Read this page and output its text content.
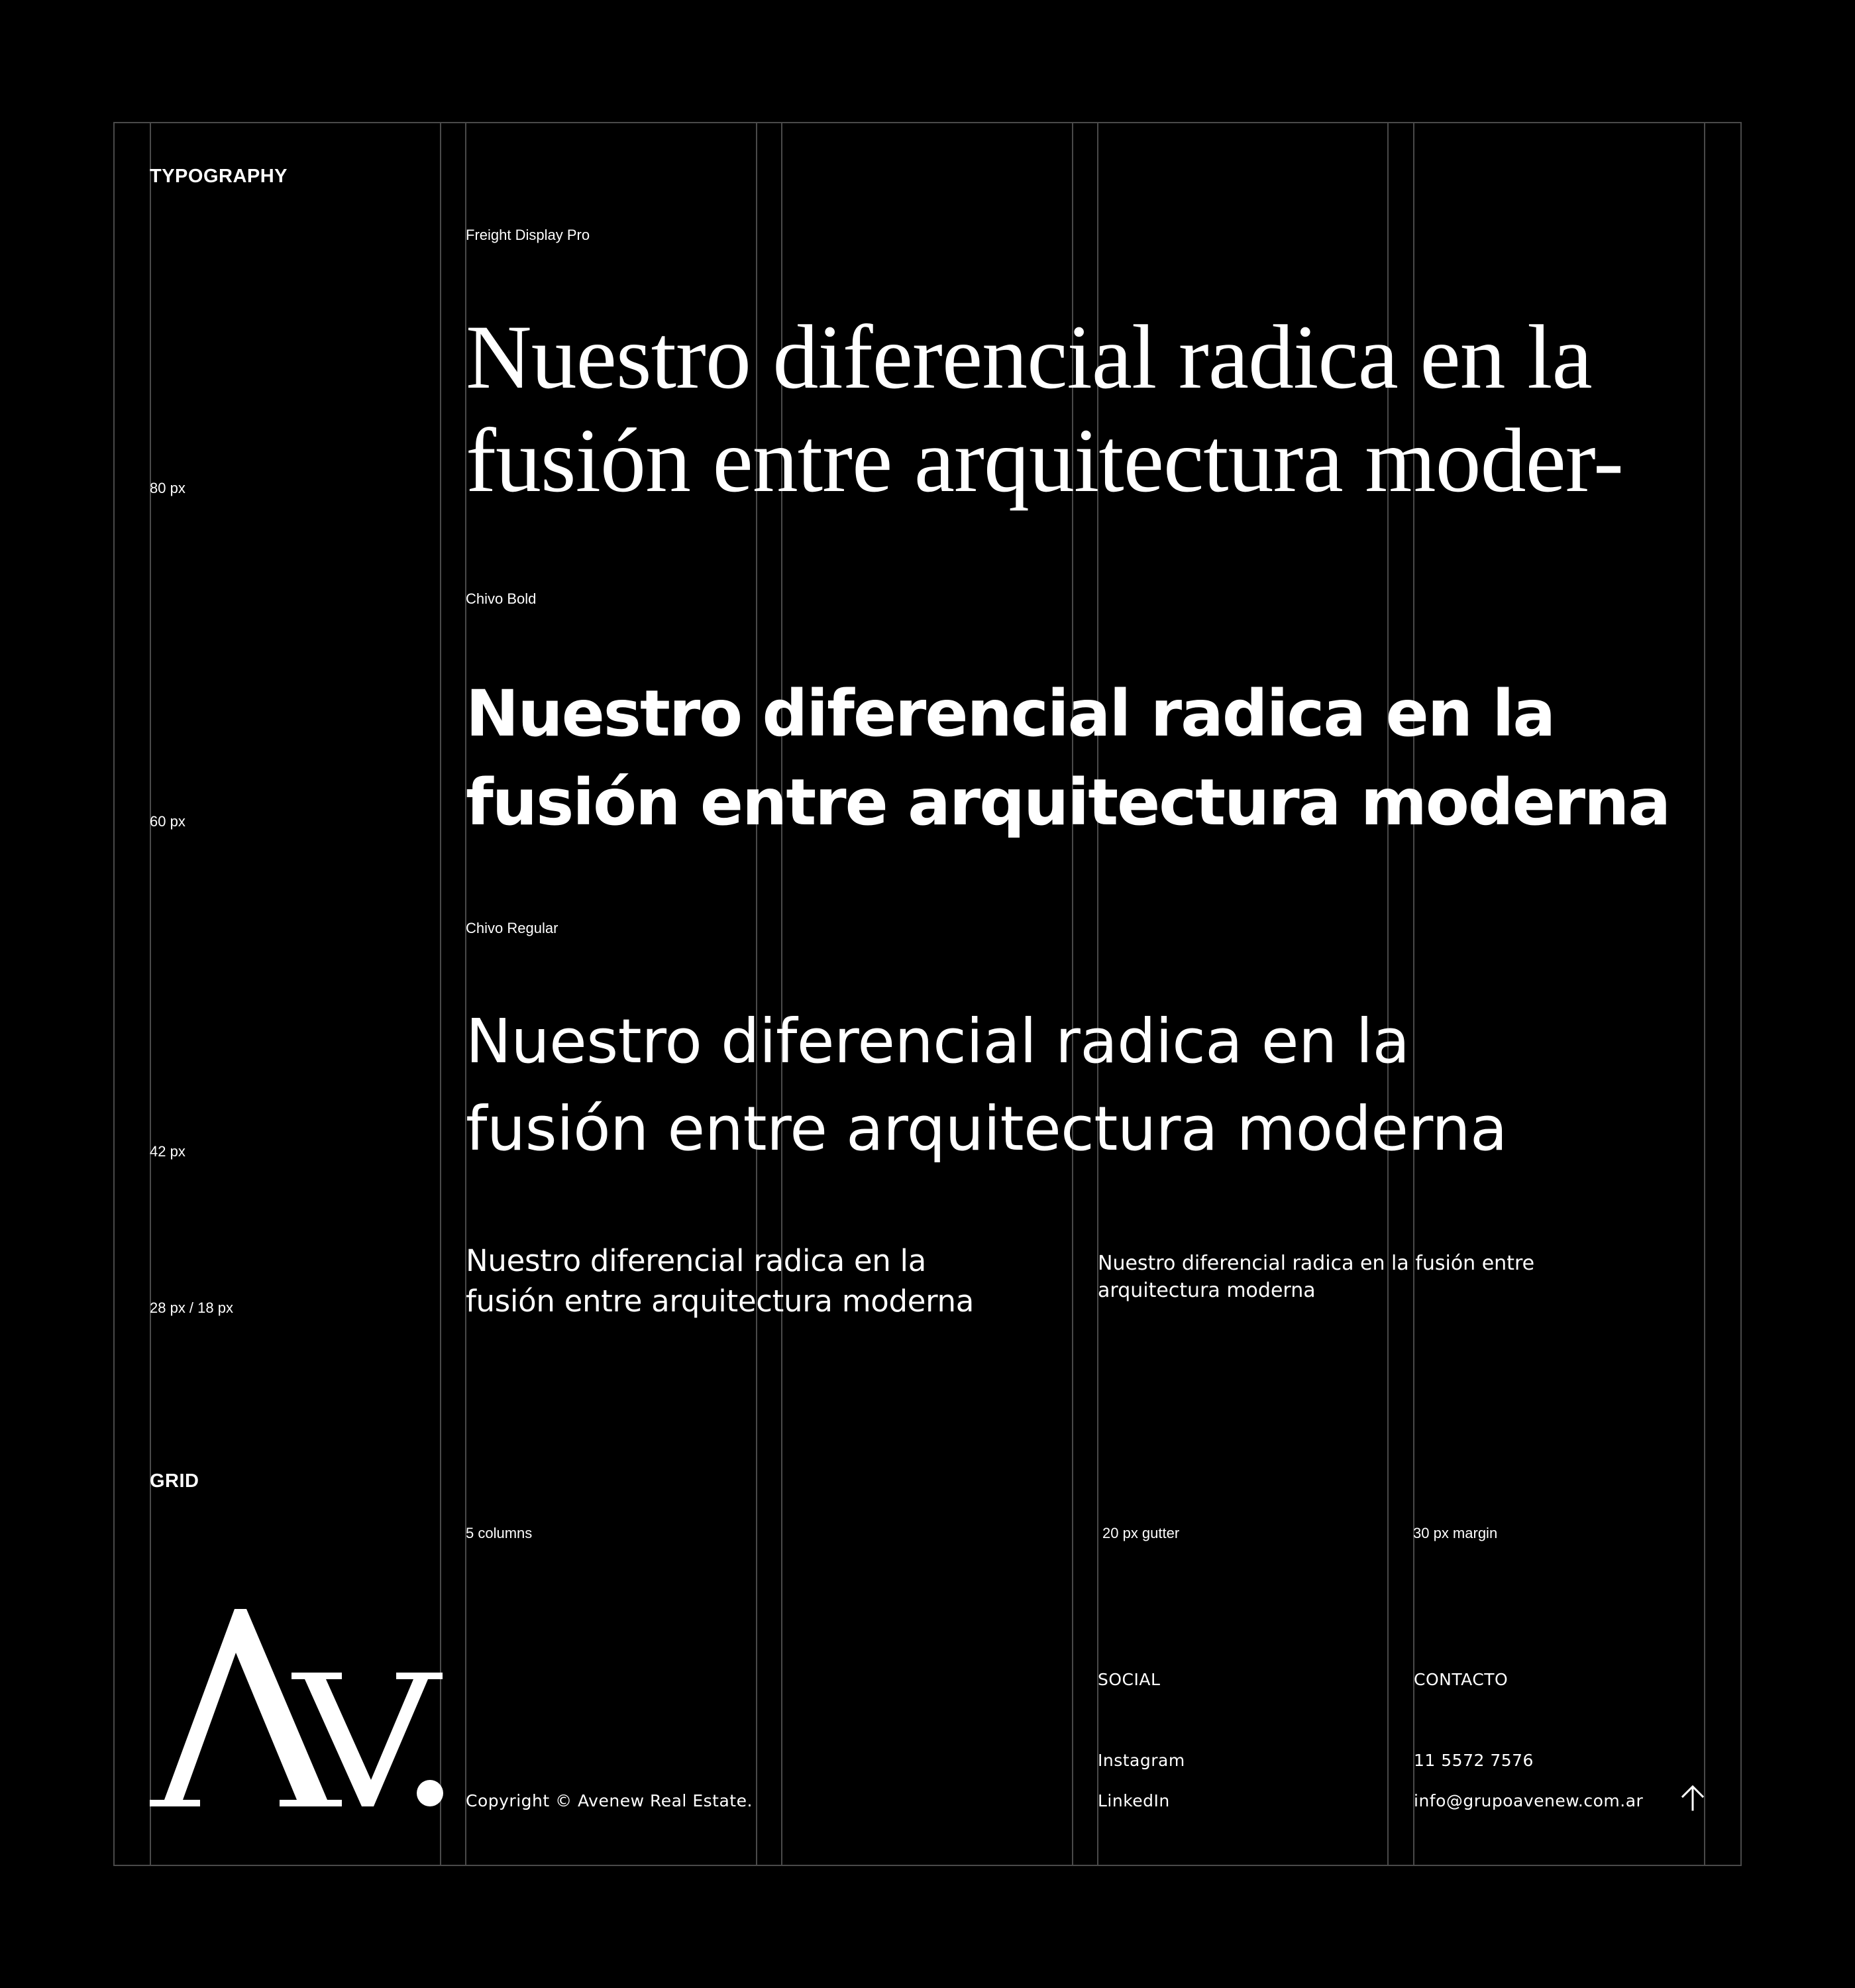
TYPOGRAPHY
Freight Display Pro
Nuestro diferencial radica en la
fusión entre arquitectura moder-
80 px
Chivo Bold
Nuestro diferencial radica en la
fusión entre arquitectura moderna
60 px
Chivo Regular
Nuestro diferencial radica en la
fusión entre arquitectura moderna
42 px
Nuestro diferencial radica en la
fusión entre arquitectura moderna
Nuestro diferencial radica en la fusión entre
arquitectura moderna
28 px / 18 px
GRID
5 columns	20 px gutter	30 px margin
Copyright © Avenew Real Estate.
SOCIAL
Instagram
LinkedIn
CONTACTO
11 5572 7576
info@grupoavenew.com.ar
